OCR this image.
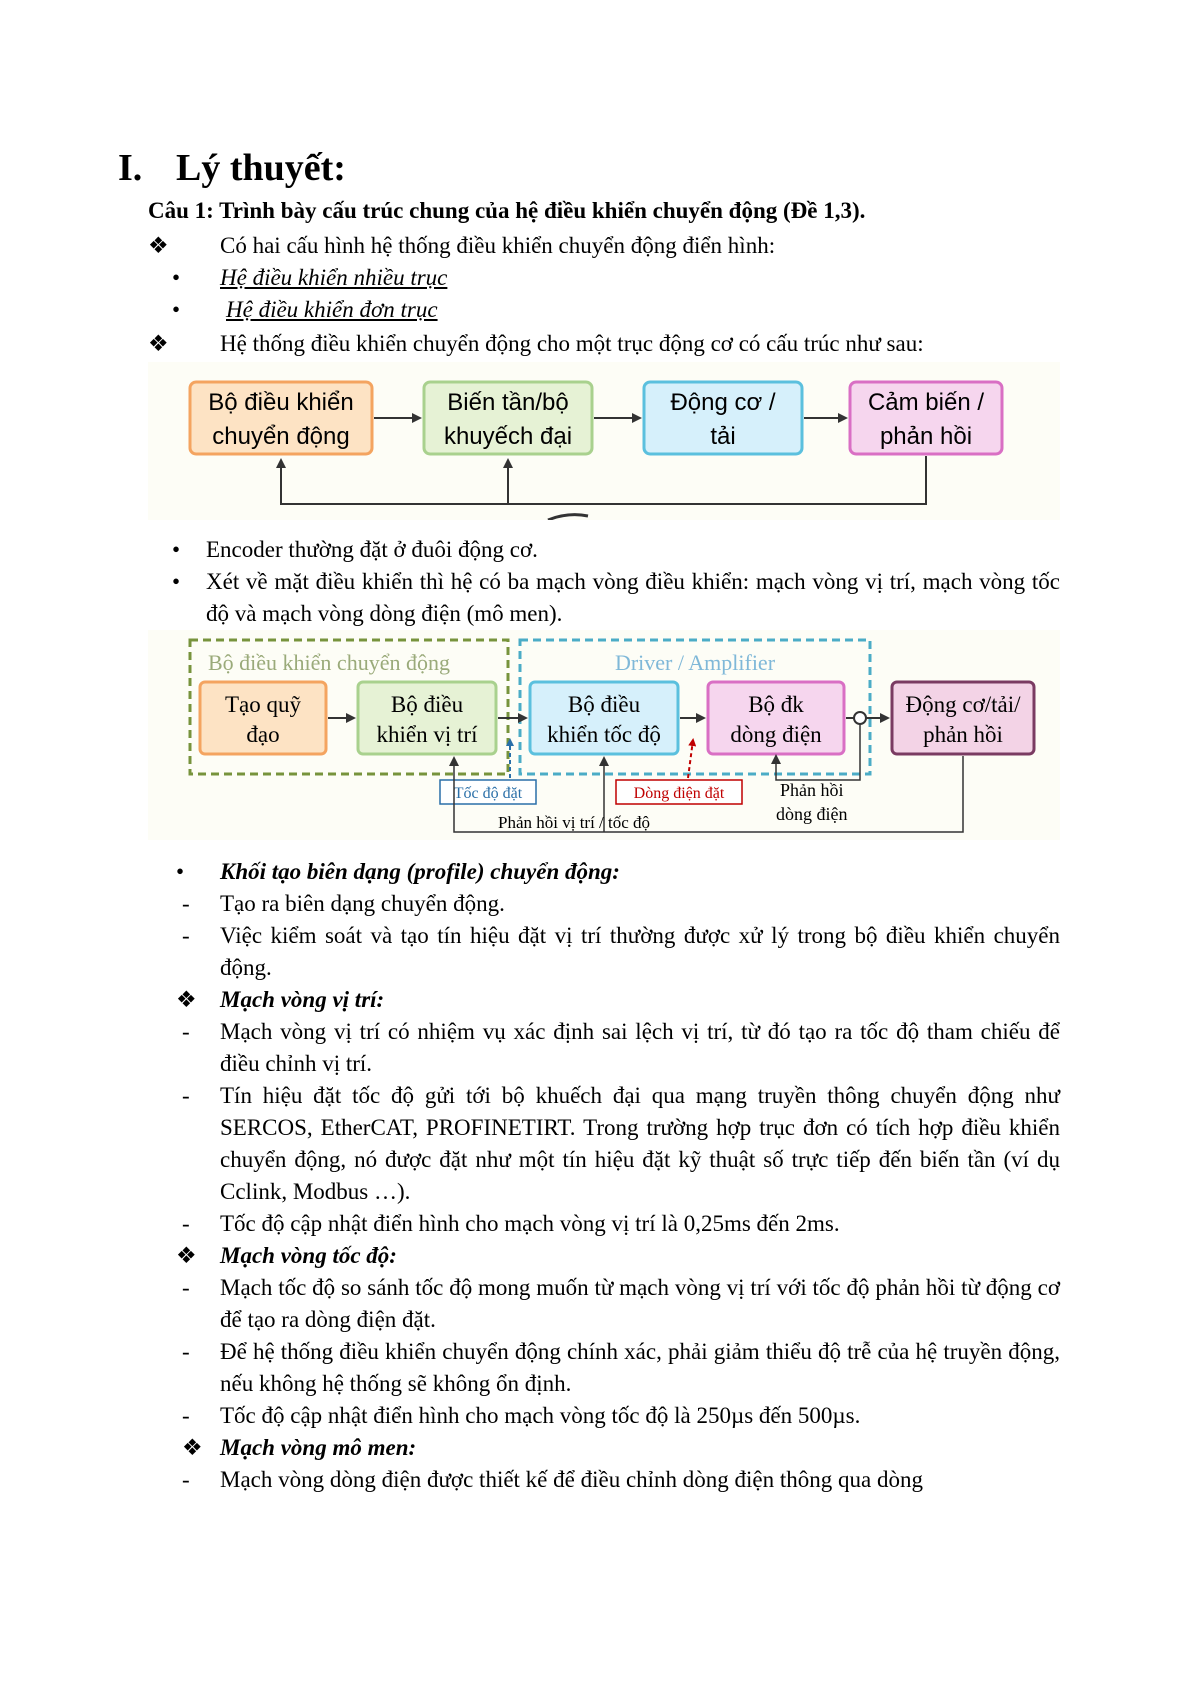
I. Lý thuyết:
Câu 1: Trình bày cấu trúc chung của hệ điều khiển chuyển động (Đề 1,3).
❖ Có hai cấu hình hệ thống điều khiển chuyển động điển hình:
• Hệ điều khiển nhiều trục
• Hệ điều khiển đơn trục
❖ Hệ thống điều khiển chuyển động cho một trục động cơ có cấu trúc như sau:
Bộ điều khiển
chuyển động
Biến tần/bộ
khuyếch đại
Động cơ /
tải
Cảm biến /
phản hồi
• Encoder thường đặt ở đuôi động cơ.
• Xét về mặt điều khiển thì hệ có ba mạch vòng điều khiển: mạch vòng vị trí, mạch vòng tốc độ và mạch vòng dòng điện (mô men).
Bộ điều khiển chuyển động	Driver / Amplifier
Tạo quỹ
đạo
Bộ điều
khiển vị trí
Bộ điều
khiển tốc độ
Bộ đk
dòng điện
Động cơ/tải/
phản hồi
Tốc độ đặt	Dòng điện đặt	Phản hồi
dòng điện
Phản hồi vị trí / tốc độ
• Khối tạo biên dạng (profile) chuyển động:
- Tạo ra biên dạng chuyển động.
- Việc kiểm soát và tạo tín hiệu đặt vị trí thường được xử lý trong bộ điều khiển chuyển động.
❖ Mạch vòng vị trí:
- Mạch vòng vị trí có nhiệm vụ xác định sai lệch vị trí, từ đó tạo ra tốc độ tham chiếu để điều chỉnh vị trí.
- Tín hiệu đặt tốc độ gửi tới bộ khuếch đại qua mạng truyền thông chuyển động như SERCOS, EtherCAT, PROFINETIRT. Trong trường hợp trục đơn có tích hợp điều khiển chuyển động, nó được đặt như một tín hiệu đặt kỹ thuật số trực tiếp đến biến tần (ví dụ Cclink, Modbus …).
- Tốc độ cập nhật điển hình cho mạch vòng vị trí là 0,25ms đến 2ms.
❖ Mạch vòng tốc độ:
- Mạch tốc độ so sánh tốc độ mong muốn từ mạch vòng vị trí với tốc độ phản hồi từ động cơ để tạo ra dòng điện đặt.
- Để hệ thống điều khiển chuyển động chính xác, phải giảm thiểu độ trễ của hệ truyền động, nếu không hệ thống sẽ không ổn định.
- Tốc độ cập nhật điển hình cho mạch vòng tốc độ là 250µs đến 500µs.
❖ Mạch vòng mô men:
- Mạch vòng dòng điện được thiết kế để điều chỉnh dòng điện thông qua dòng
